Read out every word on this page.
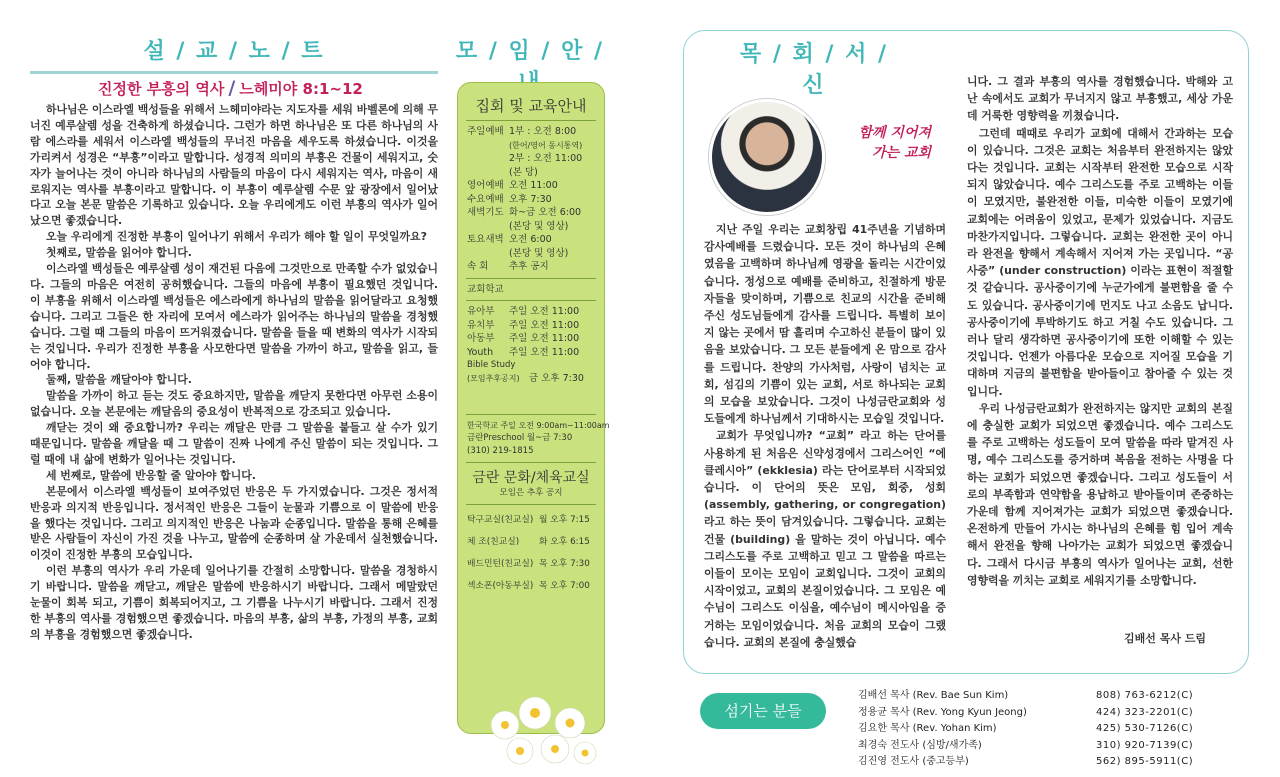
설 / 교 / 노 / 트
진정한 부흥의 역사 / 느헤미야 8:1~12

하나님은 이스라엘 백성들을 위해서 느헤미야라는 지도자를 세워 바벨론에 의해 무너진 예루살렘 성을 건축하게 하셨습니다. 그런가 하면 하나님은 또 다른 하나님의 사람 에스라를 세워서 이스라엘 백성들의 무너진 마음을 세우도록 하셨습니다. 이것을 가리켜서 성경은 “부흥”이라고 말합니다. 성경적 의미의 부흥은 건물이 세워지고, 숫자가 늘어나는 것이 아니라 하나님의 사람들의 마음이 다시 세워지는 역사, 마음이 새로워지는 역사를 부흥이라고 말합니다. 이 부흥이 예루살렘 수문 앞 광장에서 일어났다고 오늘 본문 말씀은 기록하고 있습니다. 오늘 우리에게도 이런 부흥의 역사가 일어났으면 좋겠습니다.

오늘 우리에게 진정한 부흥이 일어나기 위해서 우리가 해야 할 일이 무엇일까요?

첫째로, 말씀을 읽어야 합니다.

이스라엘 백성들은 예루살렘 성이 재건된 다음에 그것만으로 만족할 수가 없었습니다. 그들의 마음은 여전히 공허했습니다. 그들의 마음에 부흥이 필요했던 것입니다. 이 부흥을 위해서 이스라엘 백성들은 에스라에게 하나님의 말씀을 읽어달라고 요청했습니다. 그리고 그들은 한 자리에 모여서 에스라가 읽어주는 하나님의 말씀을 경청했습니다. 그럴 때 그들의 마음이 뜨거워졌습니다. 말씀을 들을 때 변화의 역사가 시작되는 것입니다. 우리가 진정한 부흥을 사모한다면 말씀을 가까이 하고, 말씀을 읽고, 들어야 합니다.

둘째, 말씀을 깨달아야 합니다.

말씀을 가까이 하고 듣는 것도 중요하지만, 말씀을 깨닫지 못한다면 아무런 소용이 없습니다. 오늘 본문에는 깨달음의 중요성이 반복적으로 강조되고 있습니다.

깨닫는 것이 왜 중요합니까? 우리는 깨달은 만큼 그 말씀을 붙들고 살 수가 있기 때문입니다. 말씀을 깨달을 때 그 말씀이 진짜 나에게 주신 말씀이 되는 것입니다. 그럴 때에 내 삶에 변화가 일어나는 것입니다.

세 번째로, 말씀에 반응할 줄 알아야 합니다.

본문에서 이스라엘 백성들이 보여주었던 반응은 두 가지였습니다. 그것은 정서적 반응과 의지적 반응입니다. 정서적인 반응은 그들이 눈물과 기쁨으로 이 말씀에 반응을 했다는 것입니다. 그리고 의지적인 반응은 나눔과 순종입니다. 말씀을 통해 은혜를 받은 사람들이 자신이 가진 것을 나누고, 말씀에 순종하며 살 가운데서 실천했습니다. 이것이 진정한 부흥의 모습입니다.

이런 부흥의 역사가 우리 가운데 일어나기를 간절히 소망합니다. 말씀을 경청하시기 바랍니다. 말씀을 깨닫고, 깨달은 말씀에 반응하시기 바랍니다. 그래서 메말랐던 눈물이 회복 되고, 기쁨이 회복되어지고, 그 기쁨을 나누시기 바랍니다. 그래서 진정한 부흥의 역사를 경험했으면 좋겠습니다. 마음의 부흥, 삶의 부흥, 가정의 부흥, 교회의 부흥을 경험했으면 좋겠습니다.

모 / 임 / 안 /
집회 및 교육안내
주일예배 1부 : 오전 8:00
(한어/영어 동시통역)
2부 : 오전 11:00
(본 당)
영어예배 오전 11:00
수요예배 오후 7:30
새벽기도 화~금 오전 6:00
(본당 및 영상)
토요새벽 오전 6:00
(본당 및 영상)
속 회 추후 공지
교회학교
유아부 주일 오전 11:00
유치부 주일 오전 11:00
아동부 주일 오전 11:00
Youth 주일 오전 11:00
Bible Study
(모임추후공지) 금 오후 7:30
한국학교 주일 오전 9:00am~11:00am
금란Preschool 월~금 7:30
(310) 219-1815
금란 문화/체육교실
모임은 추후 공지
탁구교실(친교실) 월 오후 7:15
체 조(친교실) 화 오후 6:15
배드민턴(친교실) 목 오후 7:30
섹소폰(아동부실) 목 오후 7:00
목 / 회 / 서 / 신
함께 지어져
가는 교회

지난 주일 우리는 교회창립 41주년을 기념하며 감사예배를 드렸습니다. 모든 것이 하나님의 은혜였음을 고백하며 하나님께 영광을 돌리는 시간이었습니다. 정성으로 예배를 준비하고, 친절하게 방문자들을 맞이하며, 기쁨으로 친교의 시간을 준비해 주신 성도님들에게 감사를 드립니다. 특별히 보이지 않는 곳에서 땀 흘리며 수고하신 분들이 많이 있음을 보았습니다. 그 모든 분들에게 온 맘으로 감사를 드립니다. 찬양의 가사처럼, 사랑이 넘치는 교회, 섬김의 기쁨이 있는 교회, 서로 하나되는 교회의 모습을 보았습니다. 그것이 나성금란교회와 성도들에게 하나님께서 기대하시는 모습일 것입니다.

교회가 무엇입니까? “교회” 라고 하는 단어를 사용하게 된 처음은 신약성경에서 그리스어인 “에클레시아” (ekklesia) 라는 단어로부터 시작되었습니다. 이 단어의 뜻은 모임, 회중, 성회(assembly, gathering, or congregation) 라고 하는 뜻이 담겨있습니다. 그렇습니다. 교회는 건물 (building) 을 말하는 것이 아닙니다. 예수 그리스도를 주로 고백하고 믿고 그 말씀을 따르는 이들이 모이는 모임이 교회입니다. 그것이 교회의 시작이었고, 교회의 본질이었습니다. 그 모임은 예수님이 그리스도 이심을, 예수님이 메시아임을 증거하는 모임이었습니다. 처음 교회의 모습이 그랬습니다. 교회의 본질에 충실했습

니다. 그 결과 부흥의 역사를 경험했습니다. 박해와 고난 속에서도 교회가 무너지지 않고 부흥했고, 세상 가운데 거룩한 영향력을 끼쳤습니다.

그런데 때때로 우리가 교회에 대해서 간과하는 모습이 있습니다. 그것은 교회는 처음부터 완전하지는 않았다는 것입니다. 교회는 시작부터 완전한 모습으로 시작되지 않았습니다. 예수 그리스도를 주로 고백하는 이들이 모였지만, 불완전한 이들, 미숙한 이들이 모였기에 교회에는 어려움이 있었고, 문제가 있었습니다. 지금도 마찬가지입니다. 그렇습니다. 교회는 완전한 곳이 아니라 완전을 향해서 계속해서 지어져 가는 곳입니다. “공사중” (under construction) 이라는 표현이 적절할 것 같습니다. 공사중이기에 누군가에게 불편함을 줄 수도 있습니다. 공사중이기에 먼지도 나고 소음도 납니다. 공사중이기에 투박하기도 하고 거칠 수도 있습니다. 그러나 달리 생각하면 공사중이기에 또한 이해할 수 있는 것입니다. 언젠가 아름다운 모습으로 지어질 모습을 기대하며 지금의 불편함을 받아들이고 참아줄 수 있는 것입니다.

우리 나성금란교회가 완전하지는 않지만 교회의 본질에 충실한 교회가 되었으면 좋겠습니다. 예수 그리스도를 주로 고백하는 성도들이 모여 말씀을 따라 맡겨진 사명, 예수 그리스도를 증거하며 복음을 전하는 사명을 다하는 교회가 되었으면 좋겠습니다. 그리고 성도들이 서로의 부족함과 연약함을 용납하고 받아들이며 존중하는 가운데 함께 지어져가는 교회가 되었으면 좋겠습니다. 온전하게 만들어 가시는 하나님의 은혜를 힘 입어 계속해서 완전을 향해 나아가는 교회가 되었으면 좋겠습니다. 그래서 다시금 부흥의 역사가 일어나는 교회, 선한 영향력을 끼치는 교회로 세워지기를 소망합니다.

김배선 목사 드림
섬기는 분들
김배선 목사 (Rev. Bae Sun Kim)	808) 763-6212(C)
정용균 목사 (Rev. Yong Kyun Jeong)	424) 323-2201(C)
김요한 목사 (Rev. Yohan Kim)	425) 530-7126(C)
최경숙 전도사 (심방/새가족)	310) 920-7139(C)
김진영 전도사 (중고등부)	562) 895-5911(C)
